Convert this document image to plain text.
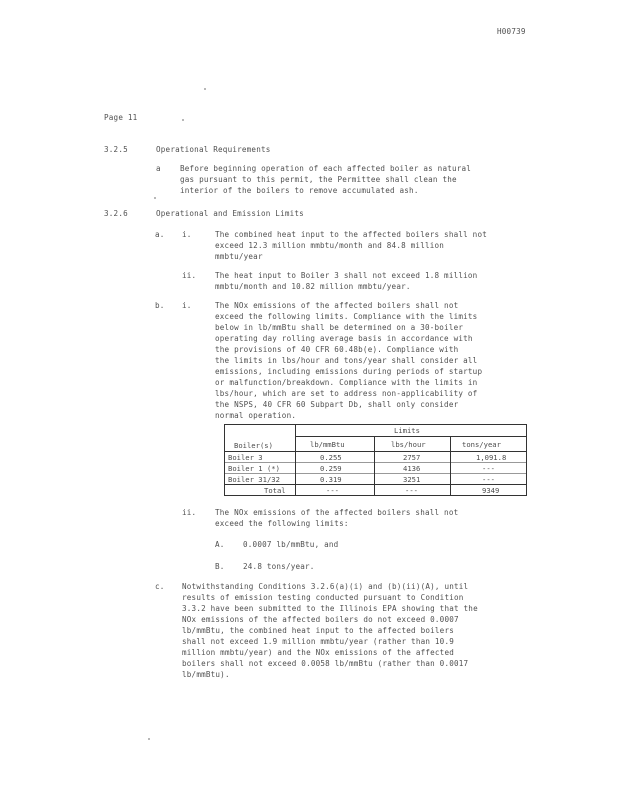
H00739
Page 11
3.2.5	Operational Requirements
a	Before beginning operation of each affected boiler as natural
gas pursuant to this permit, the Permittee shall clean the
interior of the boilers to remove accumulated ash.
3.2.6	Operational and Emission Limits
a. i.	The combined heat input to the affected boilers shall not
exceed 12.3 million mmbtu/month and 84.8 million
mmbtu/year
ii. The heat input to Boiler 3 shall not exceed 1.8 million
mmbtu/month and 10.82 million mmbtu/year.
b. i.	The NOx emissions of the affected boilers shall not
exceed the following limits. Compliance with the limits
below in lb/mmBtu shall be determined on a 30-boiler
operating day rolling average basis in accordance with
the provisions of 40 CFR 60.48b(e). Compliance with
the limits in lbs/hour and tons/year shall consider all
emissions, including emissions during periods of startup
or malfunction/breakdown. Compliance with the limits in
lbs/hour, which are set to address non-applicability of
the NSPS, 40 CFR 60 Subpart Db, shall only consider
normal operation.
Limits
Boiler(s)	lb/mmBtu	lbs/hour	tons/year
Boiler 3	0.255	2757	1,091.8
Boiler 1 (*)	0.259	4136	---
Boiler 31/32	0.319	3251	---
Total	---	---	9349
ii. The NOx emissions of the affected boilers shall not
exceed the following limits:
A. 0.0007 lb/mmBtu, and
B. 24.8 tons/year.
c. Notwithstanding Conditions 3.2.6(a)(i) and (b)(ii)(A), until
results of emission testing conducted pursuant to Condition
3.3.2 have been submitted to the Illinois EPA showing that the
NOx emissions of the affected boilers do not exceed 0.0007
lb/mmBtu, the combined heat input to the affected boilers
shall not exceed 1.9 million mmbtu/year (rather than 10.9
million mmbtu/year) and the NOx emissions of the affected
boilers shall not exceed 0.0058 lb/mmBtu (rather than 0.0017
lb/mmBtu).
